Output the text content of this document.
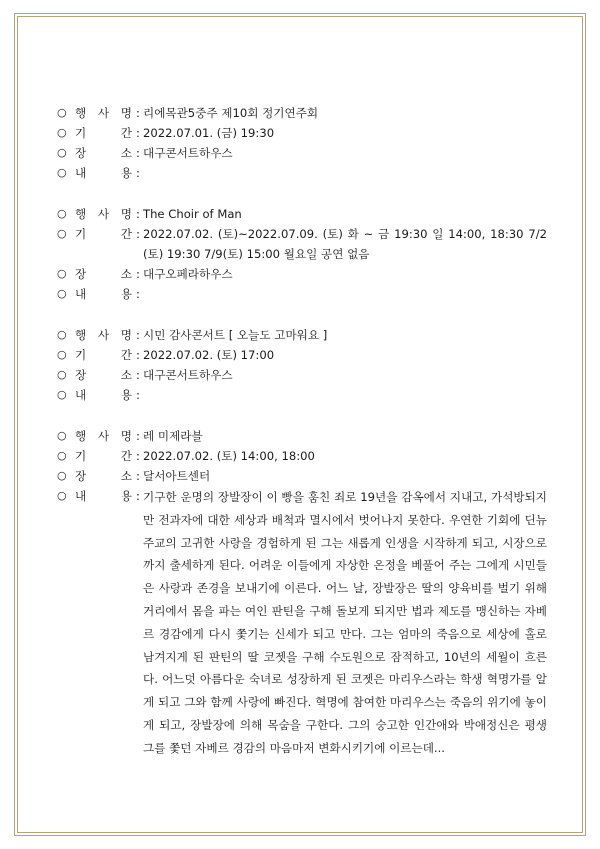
○ 행 사 명 : 리에목관5중주 제10회 정기연주회
○ 기	간 : 2022.07.01. (금) 19:30
○ 장	소 : 대구콘서트하우스
○ 내	용 :
○ 행 사 명 : The Choir of Man
○ 기	간 : 2022.07.02. (토)~2022.07.09. (토) 화 ~ 금 19:30 일 14:00, 18:30 7/2 (토) 19:30 7/9(토) 15:00 월요일 공연 없음
○ 장	소 : 대구오페라하우스
○ 내	용 :
○ 행 사 명 : 시민 감사콘서트 [ 오늘도 고마워요 ]
○ 기	간 : 2022.07.02. (토) 17:00
○ 장	소 : 대구콘서트하우스
○ 내	용 :
○ 행 사 명 : 레 미제라블
○ 기	간 : 2022.07.02. (토) 14:00, 18:00
○ 장	소 : 달서아트센터
○ 내	용 : 기구한 운명의 장발장이 이 빵을 훔친 죄로 19년을 감옥에서 지내고, 가석방되지만 전과자에 대한 세상과 배척과 멸시에서 벗어나지 못한다. 우연한 기회에 딘뉴 주교의 고귀한 사랑을 경험하게 된 그는 새롭게 인생을 시작하게 되고, 시장으로까지 출세하게 된다. 어려운 이들에게 자상한 온정을 베풀어 주는 그에게 시민들은 사랑과 존경을 보내기에 이른다. 어느 날, 장발장은 딸의 양육비를 벌기 위해 거리에서 몸을 파는 여인 판틴을 구해 돌보게 되지만 법과 제도를 맹신하는 자베르 경감에게 다시 쫓기는 신세가 되고 만다. 그는 엄마의 죽음으로 세상에 홀로 남겨지게 된 판틴의 딸 코젯을 구해 수도원으로 잠적하고, 10년의 세월이 흐른다. 어느덧 아름다운 숙녀로 성장하게 된 코젯은 마리우스라는 학생 혁명가를 알게 되고 그와 함께 사랑에 빠진다. 혁명에 참여한 마리우스는 죽음의 위기에 놓이게 되고, 장발장에 의해 목숨을 구한다. 그의 숭고한 인간애와 박애정신은 평생 그를 쫓던 자베르 경감의 마음마저 변화시키기에 이르는데...
